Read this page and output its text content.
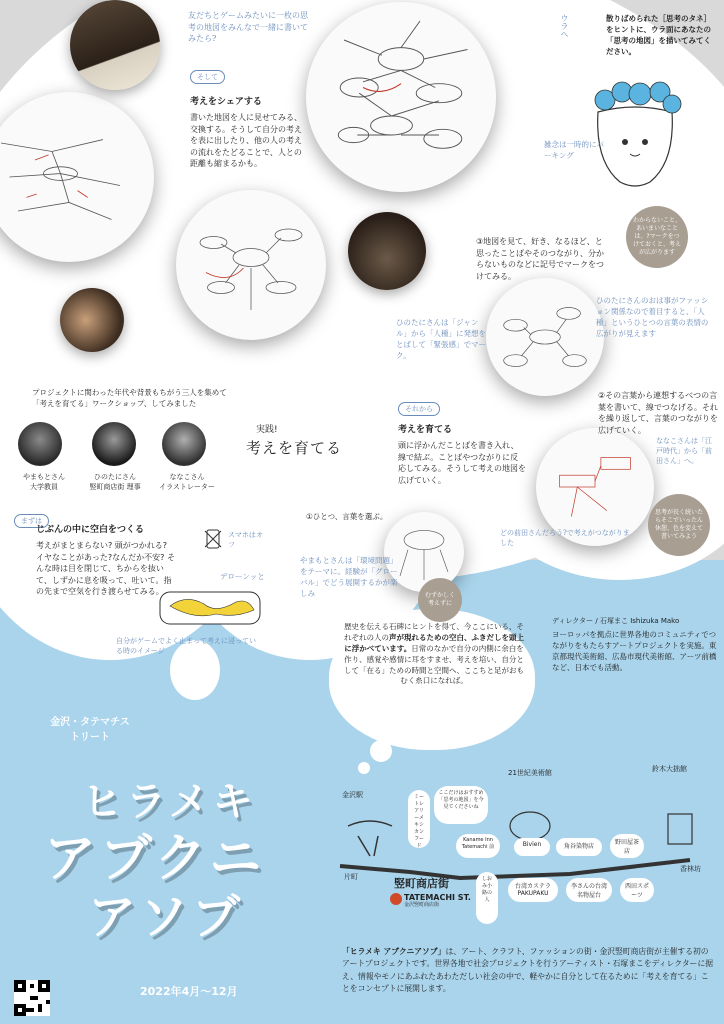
友だちとゲームみたいに一枚の思考の地図をみんなで一緒に書いてみたら?
そして
考えをシェアする
書いた地図を人に見せてみる、交換する。そうして自分の考えを表に出したり、他の人の考えの流れをたどることで、人との距離も縮まるかも。
ウラへ	散りばめられた［思考のタネ］をヒントに、ウラ面にあなたの「思考の地図」を描いてみてください。
雑念は一時的にパーキング
わからないこと、あいまいなことは、?マークをつけておくと、考えが広がります
③地図を見て、好き、なるほど、と思ったことばやそのつながり、分からないものなどに記号でマークをつけてみる。
ひのたにさんのおは事がファッション関係なので着目すると、「人種」というひとつの言葉の表情の広がりが見えます
ひのたにさんは「ジャンル」から「人種」に発想をとばして「緊張感」でマーク。
プロジェクトに関わった年代や背景もちがう三人を集めて「考えを育てる」ワークショップ、してみました
やまもとさん
大学教員
ひのたにさん
竪町商店街 理事
ななこさん
イラストレーター
実践!
考えを育てる
それから
考えを育てる
頭に浮かんだことばを書き入れ、線で結ぶ。ことばやつながりに反応してみる。そうして考えの地図を広げていく。
②その言葉から連想するべつの言葉を書いて、線でつなげる。それを繰り返して、言葉のつながりを広げていく。
ななこさんは「江戸時代」から「前田さん」へ。
思考が長く続いたらそこでいったん休憩、色を変えて書いてみよう
どの前田さんだろう?で考えがつながりました
①ひとつ、言葉を選ぶ。
やまもとさんは「環境問題」をテーマに。経験が「グローバル」でどう展開するかが楽しみ	むずかしく考えずに
まずは
じぶんの中に空白をつくる
考えがまとまらない? 頭がつかれる? イヤなことがあった?なんだか不安? そんな時は目を閉じて、ちからを抜いて、しずかに息を吸って、吐いて。指の先まで空気を行き渡らせてみる。
スマホはオフ
デローンッと
自分がゲームでよく止まって考えに浸っている時のイメージ
ディレクター / 石塚まこ Ishizuka Mako
ヨーロッパを拠点に世界各地のコミュニティでつながりをもたらすアートプロジェクトを実施。東京都現代美術館、広島市現代美術館、アーツ前橋など、日本でも活動。
歴史を伝える石碑にヒントを得て、今ここにいる、それぞれの人の声が現れるための空白、ふきだしを頭上に浮かべています。日常のなかで自分の内側に余白を作り、感覚や感情に耳をすませ、考えを培い、自分として「在る」ための時間と空間へ、ここちと足がおもむく糸口になれば。
金沢・タテマチストリート
ヒラメキ
アブクニ
アソブ
2022年4月〜12月
金沢駅
21世紀美術館	鈴木大拙館
片町
香林坊
竪町商店街
TATEMACHI ST.
金沢竪町商店街
ミートレアリーメキシカンフード
ここだけはおすすめ「思考の地図」を今見てくださいね
Kaname Inn Tatemachi 前	Bivien	角谷染物店
野田屋茶店
しおみ小路の人
台湾カステラ PAKUPAKU
李さんの台湾名物屋台
西田スポーツ
「ヒラメキ アブクニアソブ」は、アート、クラフト、ファッションの街・金沢竪町商店街が主催する初のアートプロジェクトです。世界各地で社会プロジェクトを行うアーティスト・石塚まこをディレクターに据え、情報やモノにあふれたあわただしい社会の中で、軽やかに自分として在るために「考えを育てる」ことをコンセプトに展開します。
